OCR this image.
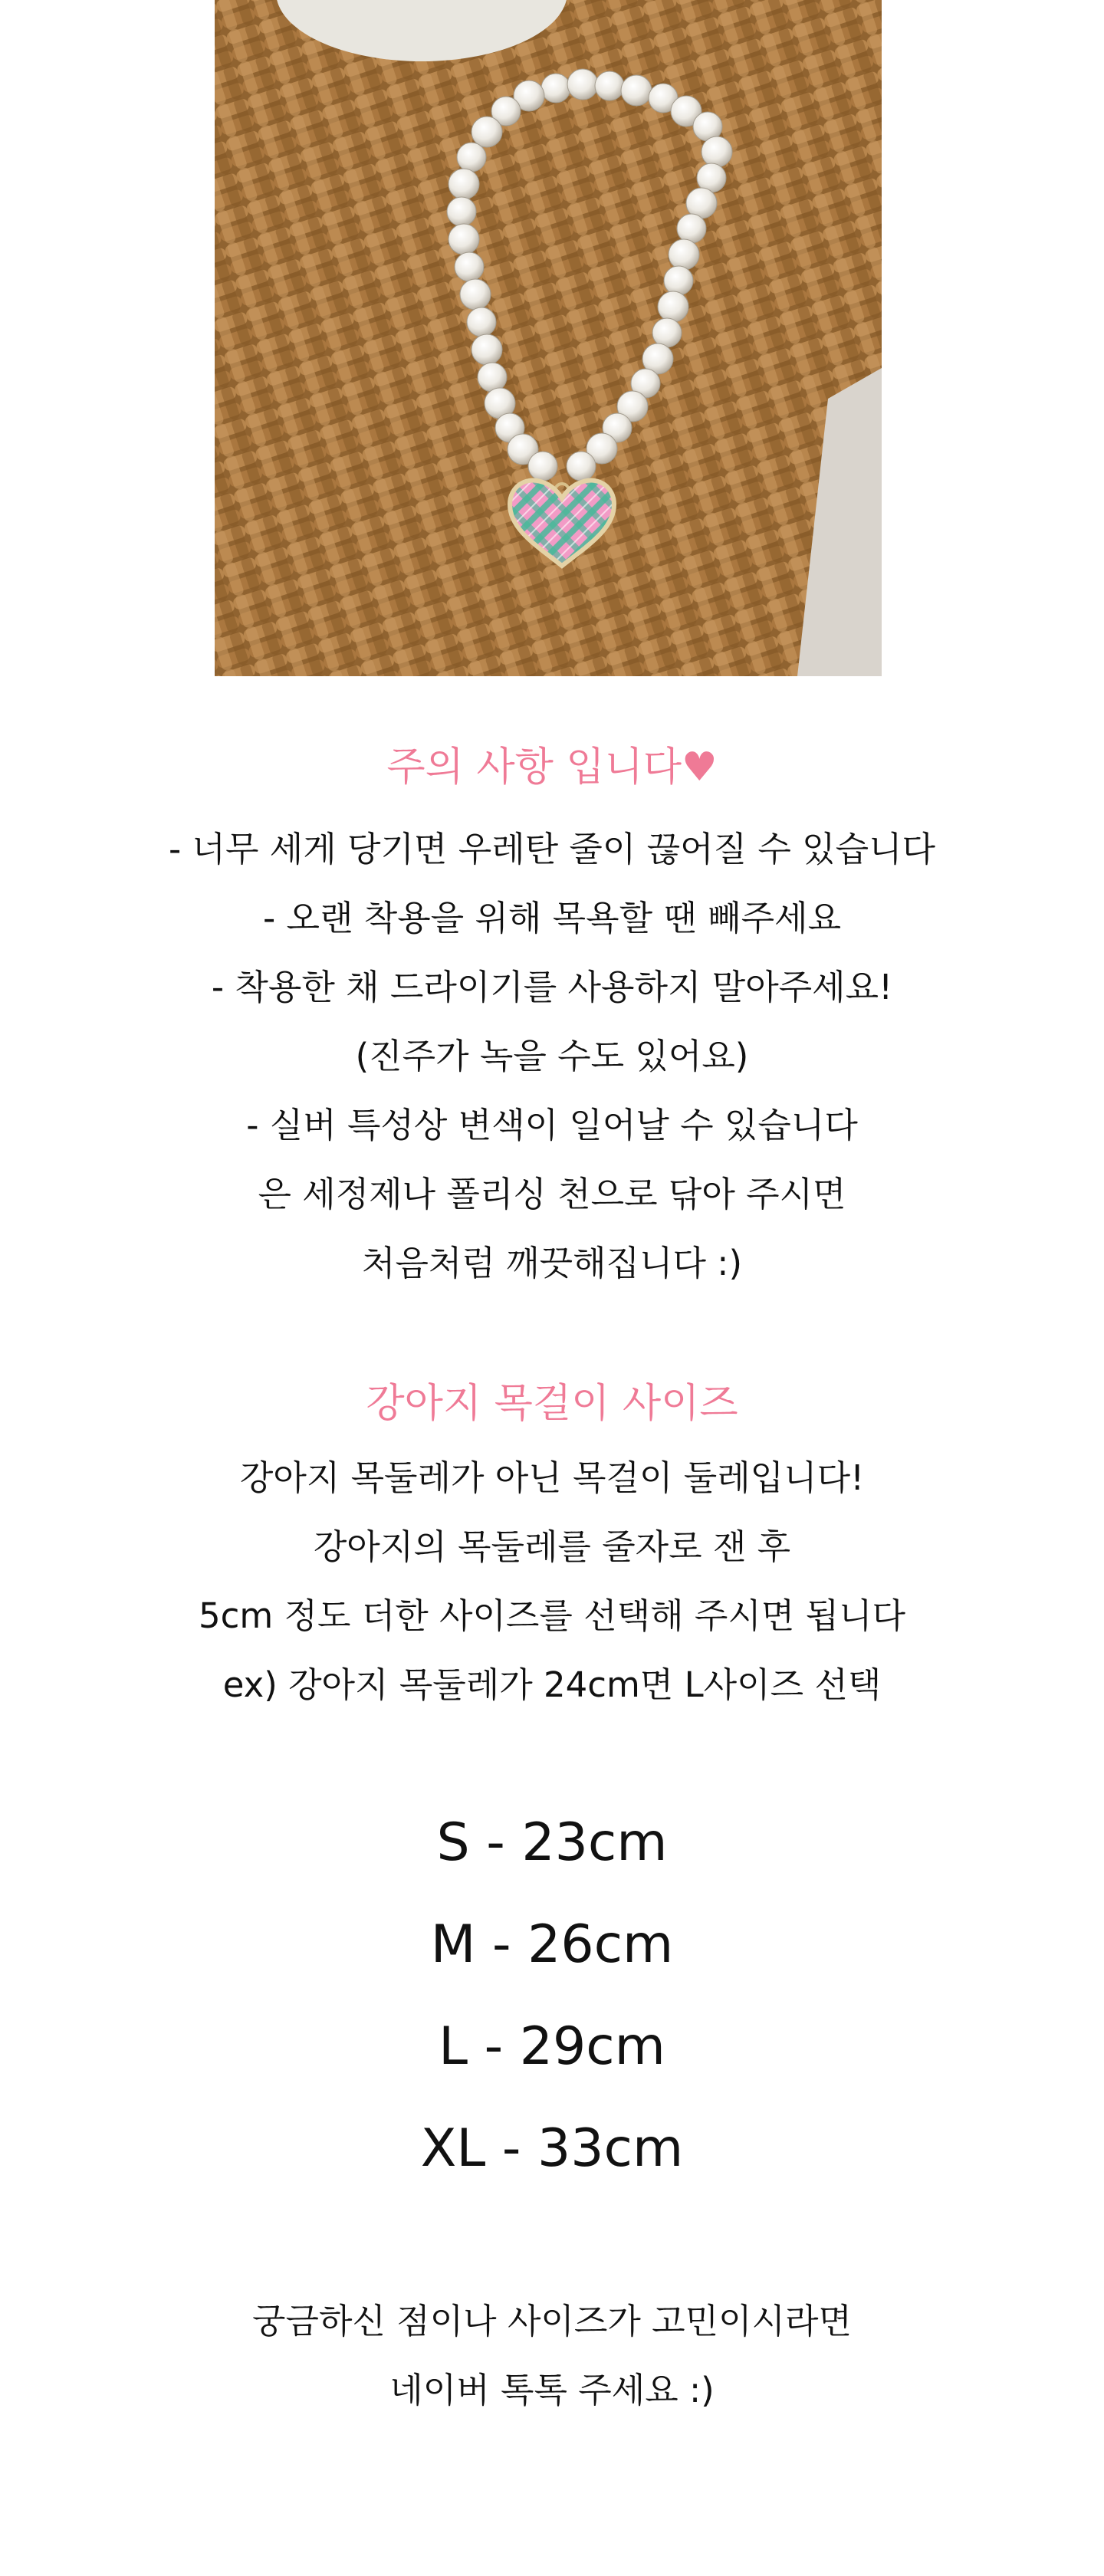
주의 사항 입니다♥

- 너무 세게 당기면 우레탄 줄이 끊어질 수 있습니다

- 오랜 착용을 위해 목욕할 땐 빼주세요

- 착용한 채 드라이기를 사용하지 말아주세요!

(진주가 녹을 수도 있어요)

- 실버 특성상 변색이 일어날 수 있습니다

은 세정제나 폴리싱 천으로 닦아 주시면

처음처럼 깨끗해집니다 :)

강아지 목걸이 사이즈

강아지 목둘레가 아닌 목걸이 둘레입니다!

강아지의 목둘레를 줄자로 잰 후

5cm 정도 더한 사이즈를 선택해 주시면 됩니다

ex) 강아지 목둘레가 24cm면 L사이즈 선택

S - 23cm

M - 26cm

L - 29cm

XL - 33cm

궁금하신 점이나 사이즈가 고민이시라면

네이버 톡톡 주세요 :)
